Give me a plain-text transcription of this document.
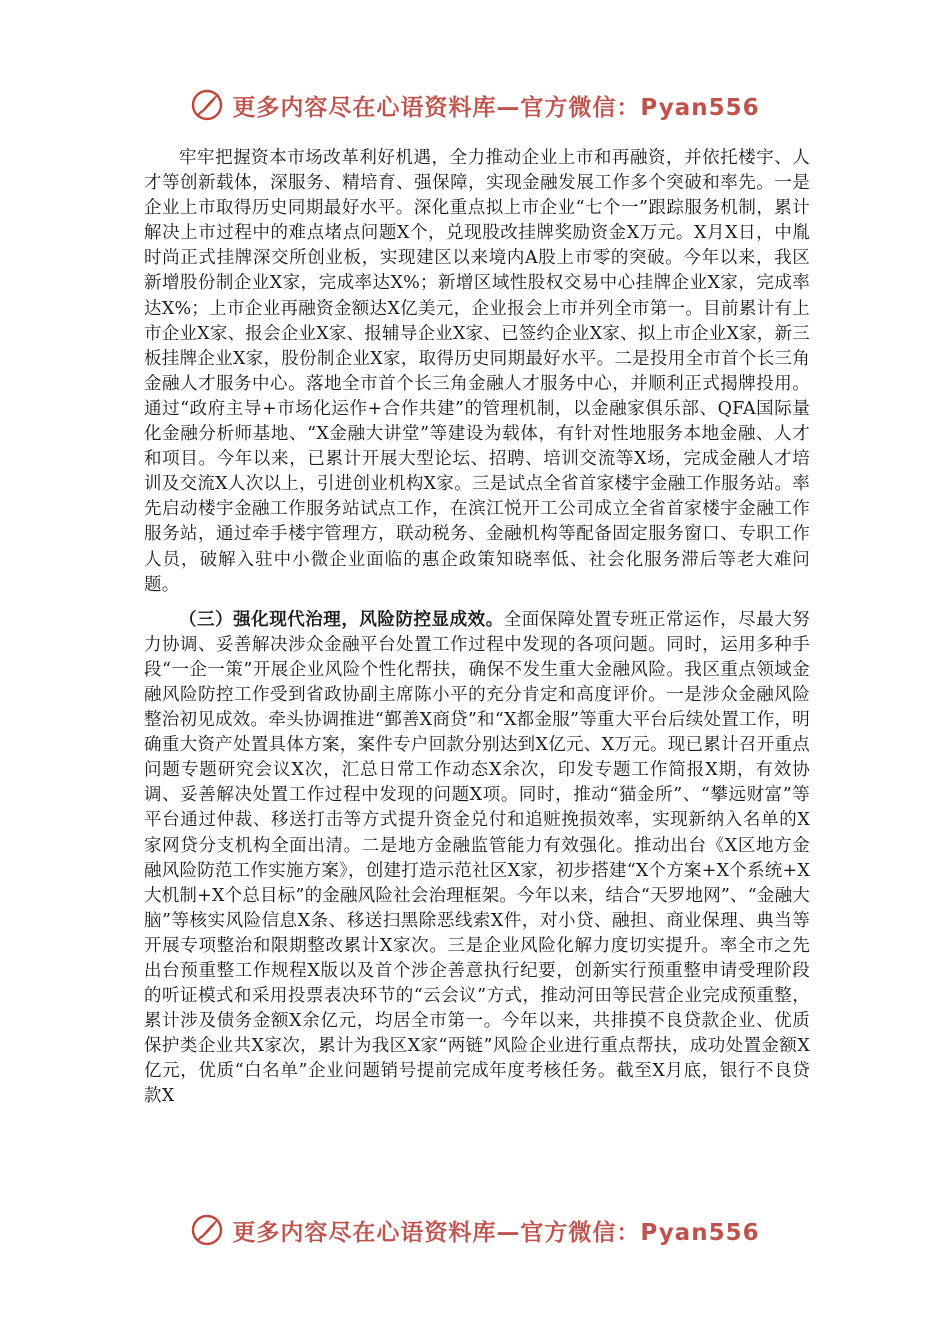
更多内容尽在心语资料库—官方微信：Pyan556

牢牢把握资本市场改革利好机遇，全力推动企业上市和再融资，并依托楼宇、人才等创新载体，深服务、精培育、强保障，实现金融发展工作多个突破和率先。一是企业上市取得历史同期最好水平。深化重点拟上市企业“七个一”跟踪服务机制，累计解决上市过程中的难点堵点问题X个，兑现股改挂牌奖励资金X万元。X月X日，中胤时尚正式挂牌深交所创业板，实现建区以来境内A股上市零的突破。今年以来，我区新增股份制企业X家，完成率达X%；新增区域性股权交易中心挂牌企业X家，完成率达X%；上市企业再融资金额达X亿美元，企业报会上市并列全市第一。目前累计有上市企业X家、报会企业X家、报辅导企业X家、已签约企业X家、拟上市企业X家，新三板挂牌企业X家，股份制企业X家，取得历史同期最好水平。二是投用全市首个长三角金融人才服务中心。落地全市首个长三角金融人才服务中心，并顺利正式揭牌投用。通过“政府主导+市场化运作+合作共建”的管理机制，以金融家俱乐部、QFA国际量化金融分析师基地、“X金融大讲堂”等建设为载体，有针对性地服务本地金融、人才和项目。今年以来，已累计开展大型论坛、招聘、培训交流等X场，完成金融人才培训及交流X人次以上，引进创业机构X家。三是试点全省首家楼宇金融工作服务站。率先启动楼宇金融工作服务站试点工作，在滨江悦开工公司成立全省首家楼宇金融工作服务站，通过牵手楼宇管理方，联动税务、金融机构等配备固定服务窗口、专职工作人员，破解入驻中小微企业面临的惠企政策知晓率低、社会化服务滞后等老大难问题。

（三）强化现代治理，风险防控显成效。全面保障处置专班正常运作，尽最大努力协调、妥善解决涉众金融平台处置工作过程中发现的各项问题。同时，运用多种手段“一企一策”开展企业风险个性化帮扶，确保不发生重大金融风险。我区重点领域金融风险防控工作受到省政协副主席陈小平的充分肯定和高度评价。一是涉众金融风险整治初见成效。牵头协调推进“鄞善X商贷”和“X都金服”等重大平台后续处置工作，明确重大资产处置具体方案，案件专户回款分别达到X亿元、X万元。现已累计召开重点问题专题研究会议X次，汇总日常工作动态X余次，印发专题工作简报X期，有效协调、妥善解决处置工作过程中发现的问题X项。同时，推动“猫金所”、“攀远财富”等平台通过仲裁、移送打击等方式提升资金兑付和追赃挽损效率，实现新纳入名单的X家网贷分支机构全面出清。二是地方金融监管能力有效强化。推动出台《X区地方金融风险防范工作实施方案》，创建打造示范社区X家，初步搭建“X个方案+X个系统+X大机制+X个总目标”的金融风险社会治理框架。今年以来，结合“天罗地网”、“金融大脑”等核实风险信息X条、移送扫黑除恶线索X件，对小贷、融担、商业保理、典当等开展专项整治和限期整改累计X家次。三是企业风险化解力度切实提升。率全市之先出台预重整工作规程X版以及首个涉企善意执行纪要，创新实行预重整申请受理阶段的听证模式和采用投票表决环节的“云会议”方式，推动河田等民营企业完成预重整，累计涉及债务金额X余亿元，均居全市第一。今年以来，共排摸不良贷款企业、优质保护类企业共X家次，累计为我区X家“两链”风险企业进行重点帮扶，成功处置金额X亿元，优质“白名单”企业问题销号提前完成年度考核任务。截至X月底，银行不良贷款X

更多内容尽在心语资料库—官方微信：Pyan556
